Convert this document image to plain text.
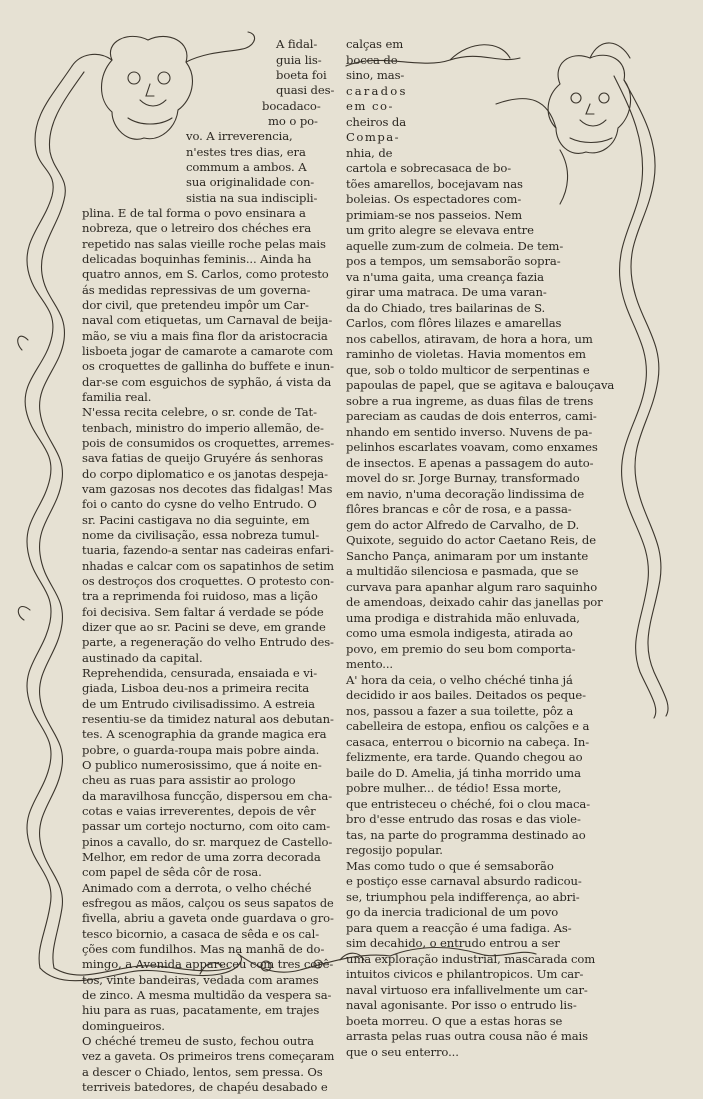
A fidal-
guia lis-
boeta foi
quasi des-
bocadaco-
mo o po-
vo. A irreverencia,
n'estes tres dias, era
commum a ambos. A
sua originalidade con-
sistia na sua indiscipli-
plina. E de tal forma o povo ensinara a
nobreza, que o letreiro dos chéches era
repetido nas salas vieille roche pelas mais
delicadas boquinhas feminis... Ainda ha
quatro annos, em S. Carlos, como protesto
ás medidas repressivas de um governa-
dor civil, que pretendeu impôr um Car-
naval com etiquetas, um Carnaval de beija-
mão, se viu a mais fina flor da aristocracia
lisboeta jogar de camarote a camarote com
os croquettes de gallinha do buffete e inun-
dar-se com esguichos de syphão, á vista da
familia real.
N'essa recita celebre, o sr. conde de Tat-
tenbach, ministro do imperio allemão, de-
pois de consumidos os croquettes, arremes-
sava fatias de queijo Gruyére ás senhoras
do corpo diplomatico e os janotas despeja-
vam gazosas nos decotes das fidalgas! Mas
foi o canto do cysne do velho Entrudo. O
sr. Pacini castigava no dia seguinte, em
nome da civilisação, essa nobreza tumul-
tuaria, fazendo-a sentar nas cadeiras enfari-
nhadas e calcar com os sapatinhos de setim
os destroços dos croquettes. O protesto con-
tra a reprimenda foi ruidoso, mas a lição
foi decisiva. Sem faltar á verdade se póde
dizer que ao sr. Pacini se deve, em grande
parte, a regeneração do velho Entrudo des-
austinado da capital.
Reprehendida, censurada, ensaiada e vi-
giada, Lisboa deu-nos a primeira recita
de um Entrudo civilisadissimo. A estreia
resentiu-se da timidez natural aos debutan-
tes. A scenographia da grande magica era
pobre, o guarda-roupa mais pobre ainda.
O publico numerosissimo, que á noite en-
cheu as ruas para assistir ao prologo
da maravilhosa funcção, dispersou em cha-
cotas e vaias irreverentes, depois de vêr
passar um cortejo nocturno, com oito cam-
pinos a cavallo, do sr. marquez de Castello-
Melhor, em redor de uma zorra decorada
com papel de sêda côr de rosa.
Animado com a derrota, o velho chéché
esfregou as mãos, calçou os seus sapatos de
fivella, abriu a gaveta onde guardava o gro-
tesco bicornio, a casaca de sêda e os cal-
ções com fundilhos. Mas na manhã de do-
mingo, a Avenida appareceu com tres corê-
tos, vinte bandeiras, vedada com arames
de zinco. A mesma multidão da vespera sa-
hiu para as ruas, pacatamente, em trajes
domingueiros.
O chéché tremeu de susto, fechou outra
vez a gaveta. Os primeiros trens começaram
a descer o Chiado, lentos, sem pressa. Os
terriveis batedores, de chapéu desabado e
calças em
bocca de
sino, mas-
carados
em co-
cheiros da
Compa-
nhia, de
cartola e sobrecasaca de bo-
tões amarellos, bocejavam nas
boleias. Os espectadores com-
primiam-se nos passeios. Nem
um grito alegre se elevava entre
aquelle zum-zum de colmeia. De tem-
pos a tempos, um semsaborão sopra-
va n'uma gaita, uma creança fazia
girar uma matraca. De uma varan-
da do Chiado, tres bailarinas de S.
Carlos, com flôres lilazes e amarellas
nos cabellos, atiravam, de hora a hora, um
raminho de violetas. Havia momentos em
que, sob o toldo multicor de serpentinas e
papoulas de papel, que se agitava e balouçava
sobre a rua ingreme, as duas filas de trens
pareciam as caudas de dois enterros, cami-
nhando em sentido inverso. Nuvens de pa-
pelinhos escarlates voavam, como enxames
de insectos. E apenas a passagem do auto-
movel do sr. Jorge Burnay, transformado
em navio, n'uma decoração lindissima de
flôres brancas e côr de rosa, e a passa-
gem do actor Alfredo de Carvalho, de D.
Quixote, seguido do actor Caetano Reis, de
Sancho Pança, animaram por um instante
a multidão silenciosa e pasmada, que se
curvava para apanhar algum raro saquinho
de amendoas, deixado cahir das janellas por
uma prodiga e distrahida mão enluvada,
como uma esmola indigesta, atirada ao
povo, em premio do seu bom comporta-
mento...
A' hora da ceia, o velho chéché tinha já
decidido ir aos bailes. Deitados os peque-
nos, passou a fazer a sua toilette, pôz a
cabelleira de estopa, enfiou os calções e a
casaca, enterrou o bicornio na cabeça. In-
felizmente, era tarde. Quando chegou ao
baile do D. Amelia, já tinha morrido uma
pobre mulher... de tédio! Essa morte,
que entristeceu o chéché, foi o clou maca-
bro d'esse entrudo das rosas e das viole-
tas, na parte do programma destinado ao
regosijo popular.
Mas como tudo o que é semsaborão
e postiço esse carnaval absurdo radicou-
se, triumphou pela indifferença, ao abri-
go da inercia tradicional de um povo
para quem a reacção é uma fadiga. As-
sim decahido, o entrudo entrou a ser
uma exploração industrial, mascarada com
intuitos civicos e philantropicos. Um car-
naval virtuoso era infallivelmente um car-
naval agonisante. Por isso o entrudo lis-
boeta morreu. O que a estas horas se
arrasta pelas ruas outra cousa não é mais
que o seu enterro...
